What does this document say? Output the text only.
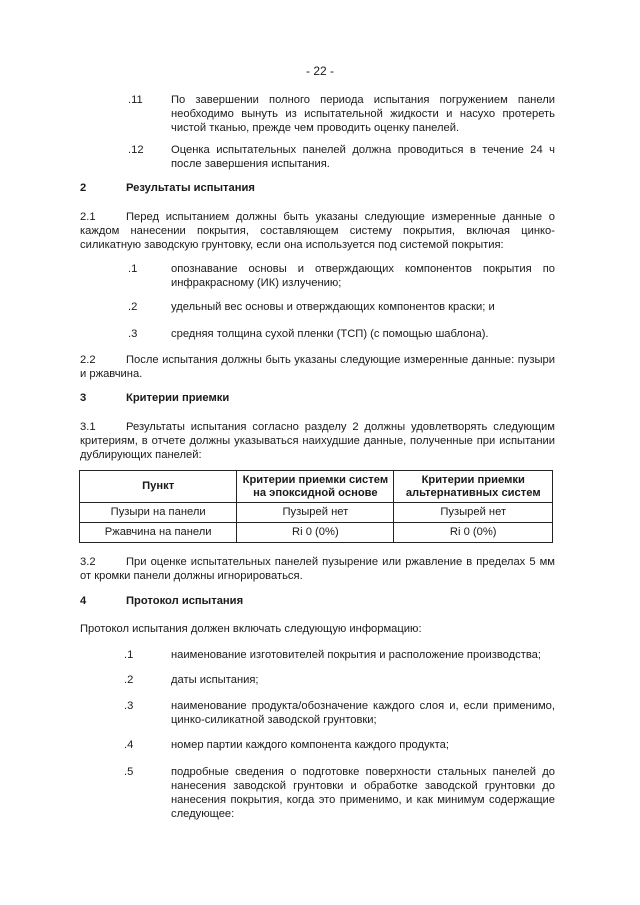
- 22 -
.11	По завершении полного периода испытания погружением панели необходимо вынуть из испытательной жидкости и насухо протереть чистой тканью, прежде чем проводить оценку панелей.
.12 Оценка испытательных панелей должна проводиться в течение 24 ч после завершения испытания.
2	Результаты испытания
2.1	Перед испытанием должны быть указаны следующие измеренные данные о каждом нанесении покрытия, составляющем систему покрытия, включая цинко-силикатную заводскую грунтовку, если она используется под системой покрытия:
.1	опознавание основы и отверждающих компонентов покрытия по инфракрасному (ИК) излучению;
.2	удельный вес основы и отверждающих компонентов краски; и
.3	средняя толщина сухой пленки (ТСП) (с помощью шаблона).
2.2	После испытания должны быть указаны следующие измеренные данные: пузыри и ржавчина.
3	Критерии приемки
3.1	Результаты испытания согласно разделу 2 должны удовлетворять следующим критериям, в отчете должны указываться наихудшие данные, полученные при испытании дублирующих панелей:
Пункт	Критерии приемки систем на эпоксидной основе	Критерии приемки альтернативных систем
Пузыри на панели	Пузырей нет	Пузырей нет
Ржавчина на панели	Ri 0 (0%)	Ri 0 (0%)
3.2	При оценке испытательных панелей пузырение или ржавление в пределах 5 мм от кромки панели должны игнорироваться.
4	Протокол испытания
Протокол испытания должен включать следующую информацию:
.1	наименование изготовителей покрытия и расположение производства;
.2	даты испытания;
.3	наименование продукта/обозначение каждого слоя и, если применимо, цинко-силикатной заводской грунтовки;
.4	номер партии каждого компонента каждого продукта;
.5	подробные сведения о подготовке поверхности стальных панелей до нанесения заводской грунтовки и обработке заводской грунтовки до нанесения покрытия, когда это применимо, и как минимум содержащие следующее:
